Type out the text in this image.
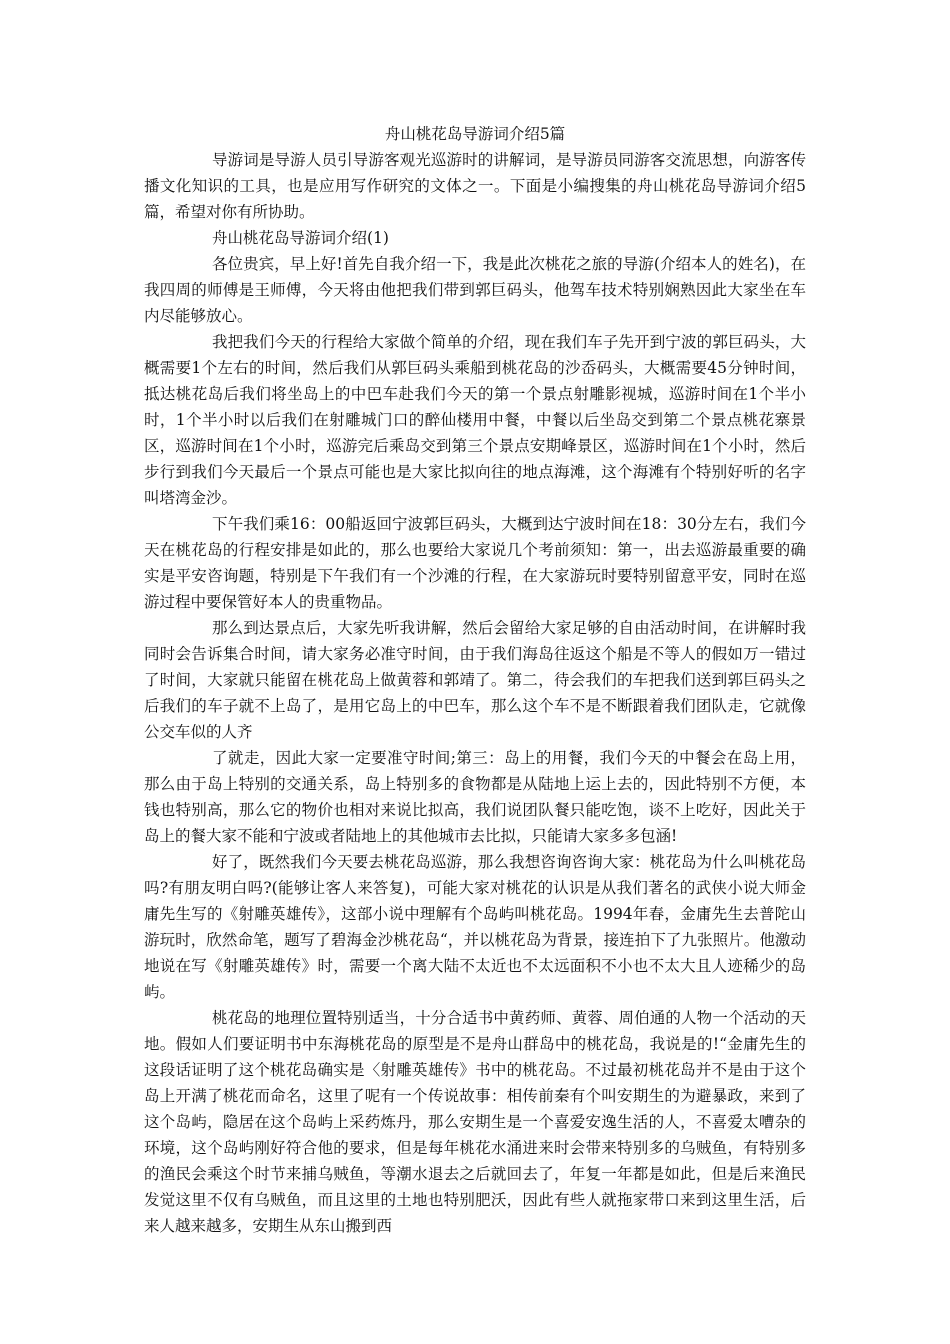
舟山桃花岛导游词介绍5篇

导游词是导游人员引导游客观光巡游时的讲解词，是导游员同游客交流思想，向游客传播文化知识的工具，也是应用写作研究的文体之一。下面是小编搜集的舟山桃花岛导游词介绍5篇，希望对你有所协助。

舟山桃花岛导游词介绍(1)

各位贵宾，早上好!首先自我介绍一下，我是此次桃花之旅的导游(介绍本人的姓名)，在我四周的师傅是王师傅，今天将由他把我们带到郭巨码头，他驾车技术特别娴熟因此大家坐在车内尽能够放心。

我把我们今天的行程给大家做个简单的介绍，现在我们车子先开到宁波的郭巨码头，大概需要1个左右的时间，然后我们从郭巨码头乘船到桃花岛的沙岙码头，大概需要45分钟时间，抵达桃花岛后我们将坐岛上的中巴车赴我们今天的第一个景点射雕影视城，巡游时间在1个半小时，1个半小时以后我们在射雕城门口的醉仙楼用中餐，中餐以后坐岛交到第二个景点桃花寨景区，巡游时间在1个小时，巡游完后乘岛交到第三个景点安期峰景区，巡游时间在1个小时，然后步行到我们今天最后一个景点可能也是大家比拟向往的地点海滩，这个海滩有个特别好听的名字叫塔湾金沙。

下午我们乘16：00船返回宁波郭巨码头，大概到达宁波时间在18：30分左右，我们今天在桃花岛的行程安排是如此的，那么也要给大家说几个考前须知：第一，出去巡游最重要的确实是平安咨询题，特别是下午我们有一个沙滩的行程，在大家游玩时要特别留意平安，同时在巡游过程中要保管好本人的贵重物品。

那么到达景点后，大家先听我讲解，然后会留给大家足够的自由活动时间，在讲解时我同时会告诉集合时间，请大家务必准守时间，由于我们海岛往返这个船是不等人的假如万一错过了时间，大家就只能留在桃花岛上做黄蓉和郭靖了。第二，待会我们的车把我们送到郭巨码头之后我们的车子就不上岛了，是用它岛上的中巴车，那么这个车不是不断跟着我们团队走，它就像公交车似的人齐

了就走，因此大家一定要准守时间;第三：岛上的用餐，我们今天的中餐会在岛上用，那么由于岛上特别的交通关系，岛上特别多的食物都是从陆地上运上去的，因此特别不方便，本钱也特别高，那么它的物价也相对来说比拟高，我们说团队餐只能吃饱，谈不上吃好，因此关于岛上的餐大家不能和宁波或者陆地上的其他城市去比拟，只能请大家多多包涵!

好了，既然我们今天要去桃花岛巡游，那么我想咨询咨询大家：桃花岛为什么叫桃花岛吗?有朋友明白吗?(能够让客人来答复)，可能大家对桃花的认识是从我们著名的武侠小说大师金庸先生写的《射雕英雄传》，这部小说中理解有个岛屿叫桃花岛。1994年春，金庸先生去普陀山游玩时，欣然命笔，题写了碧海金沙桃花岛“，并以桃花岛为背景，接连拍下了九张照片。他激动地说在写《射雕英雄传》时，需要一个离大陆不太近也不太远面积不小也不太大且人迹稀少的岛屿。

桃花岛的地理位置特别适当，十分合适书中黄药师、黄蓉、周伯通的人物一个活动的天地。假如人们要证明书中东海桃花岛的原型是不是舟山群岛中的桃花岛，我说是的!“金庸先生的这段话证明了这个桃花岛确实是〈射雕英雄传》书中的桃花岛。不过最初桃花岛并不是由于这个岛上开满了桃花而命名，这里了呢有一个传说故事：相传前秦有个叫安期生的为避暴政，来到了这个岛屿，隐居在这个岛屿上采药炼丹，那么安期生是一个喜爱安逸生活的人，不喜爱太嘈杂的环境，这个岛屿刚好符合他的要求，但是每年桃花水涌进来时会带来特别多的乌贼鱼，有特别多的渔民会乘这个时节来捕乌贼鱼，等潮水退去之后就回去了，年复一年都是如此，但是后来渔民发觉这里不仅有乌贼鱼，而且这里的土地也特别肥沃，因此有些人就拖家带口来到这里生活，后来人越来越多，安期生从东山搬到西
